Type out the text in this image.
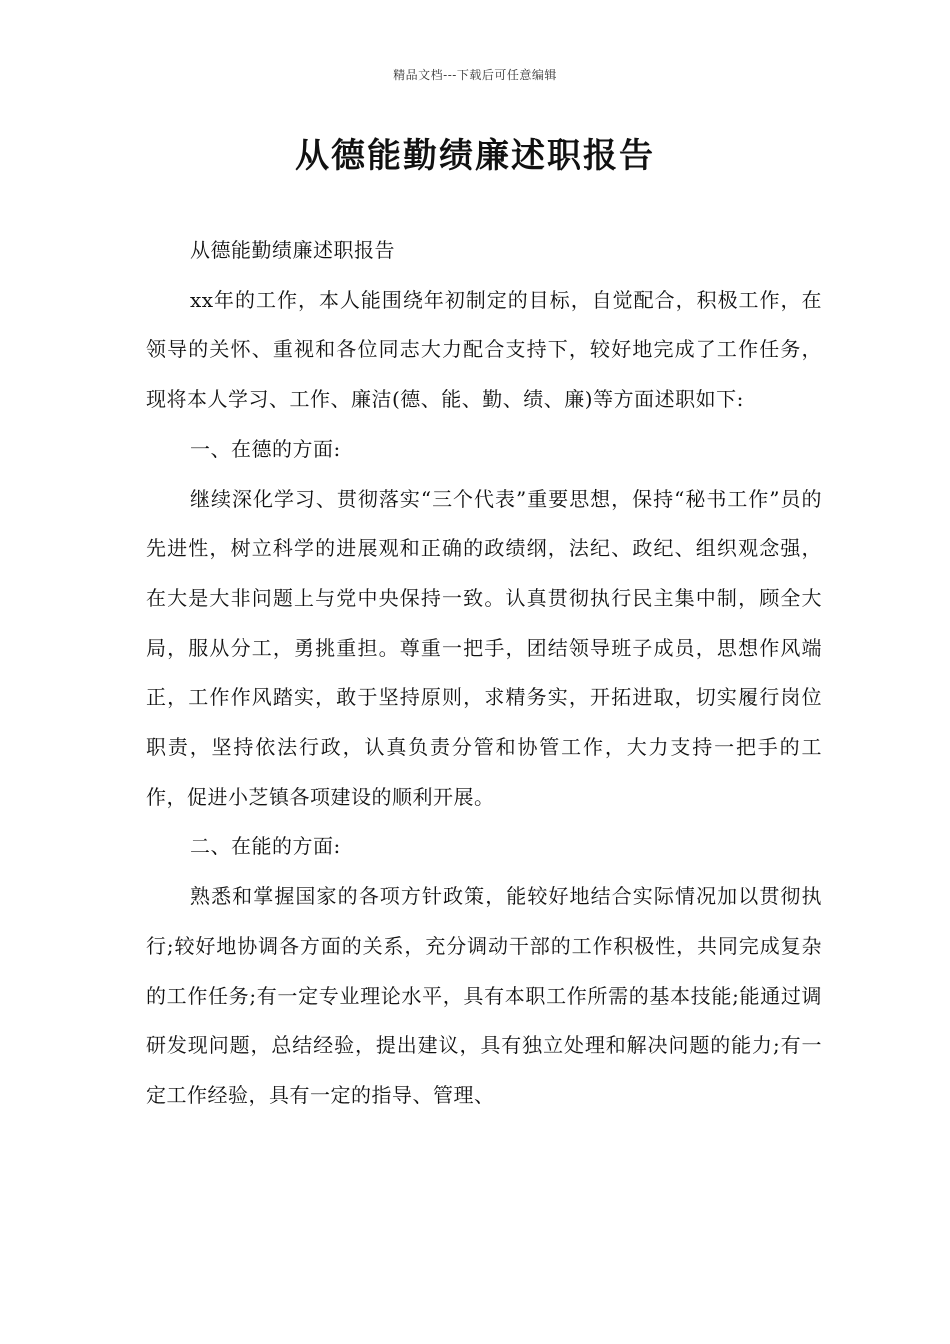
精品文档---下载后可任意编辑
从德能勤绩廉述职报告

从德能勤绩廉述职报告

xx年的工作，本人能围绕年初制定的目标，自觉配合，积极工作，在领导的关怀、重视和各位同志大力配合支持下，较好地完成了工作任务，现将本人学习、工作、廉洁(德、能、勤、绩、廉)等方面述职如下:

一、在德的方面:

继续深化学习、贯彻落实“三个代表”重要思想，保持“秘书工作”员的先进性，树立科学的进展观和正确的政绩纲，法纪、政纪、组织观念强，在大是大非问题上与党中央保持一致。认真贯彻执行民主集中制，顾全大局，服从分工，勇挑重担。尊重一把手，团结领导班子成员，思想作风端正，工作作风踏实，敢于坚持原则，求精务实，开拓进取，切实履行岗位职责，坚持依法行政，认真负责分管和协管工作，大力支持一把手的工作，促进小芝镇各项建设的顺利开展。

二、在能的方面:

熟悉和掌握国家的各项方针政策，能较好地结合实际情况加以贯彻执行;较好地协调各方面的关系，充分调动干部的工作积极性，共同完成复杂的工作任务;有一定专业理论水平，具有本职工作所需的基本技能;能通过调研发现问题，总结经验，提出建议，具有独立处理和解决问题的能力;有一定工作经验，具有一定的指导、管理、
